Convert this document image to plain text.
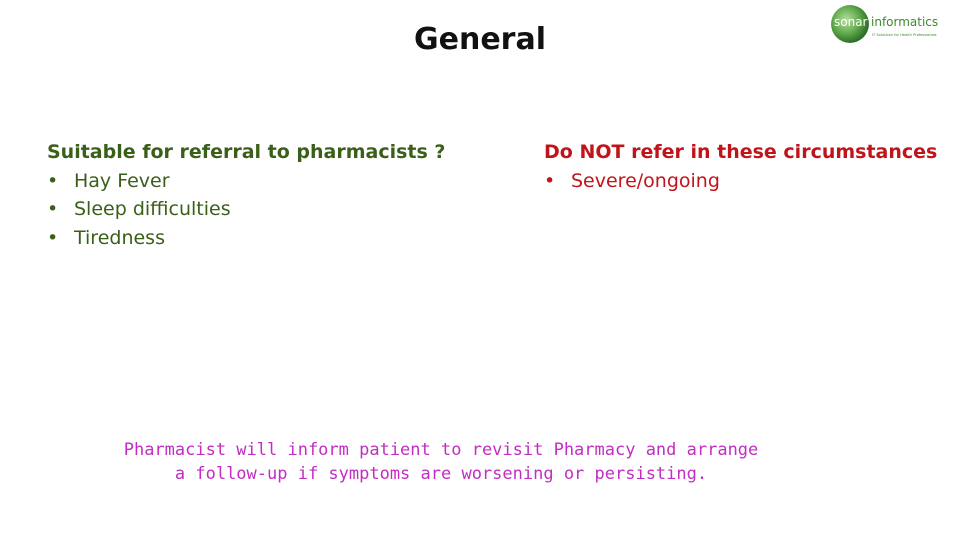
General	sonar informatics
IT Solutions for Health Professionals
Suitable for referral to pharmacists ?
• Hay Fever
• Sleep difficulties
• Tiredness
Do NOT refer in these circumstances
• Severe/ongoing
Pharmacist will inform patient to revisit Pharmacy and arrange
a follow-up if symptoms are worsening or persisting.
